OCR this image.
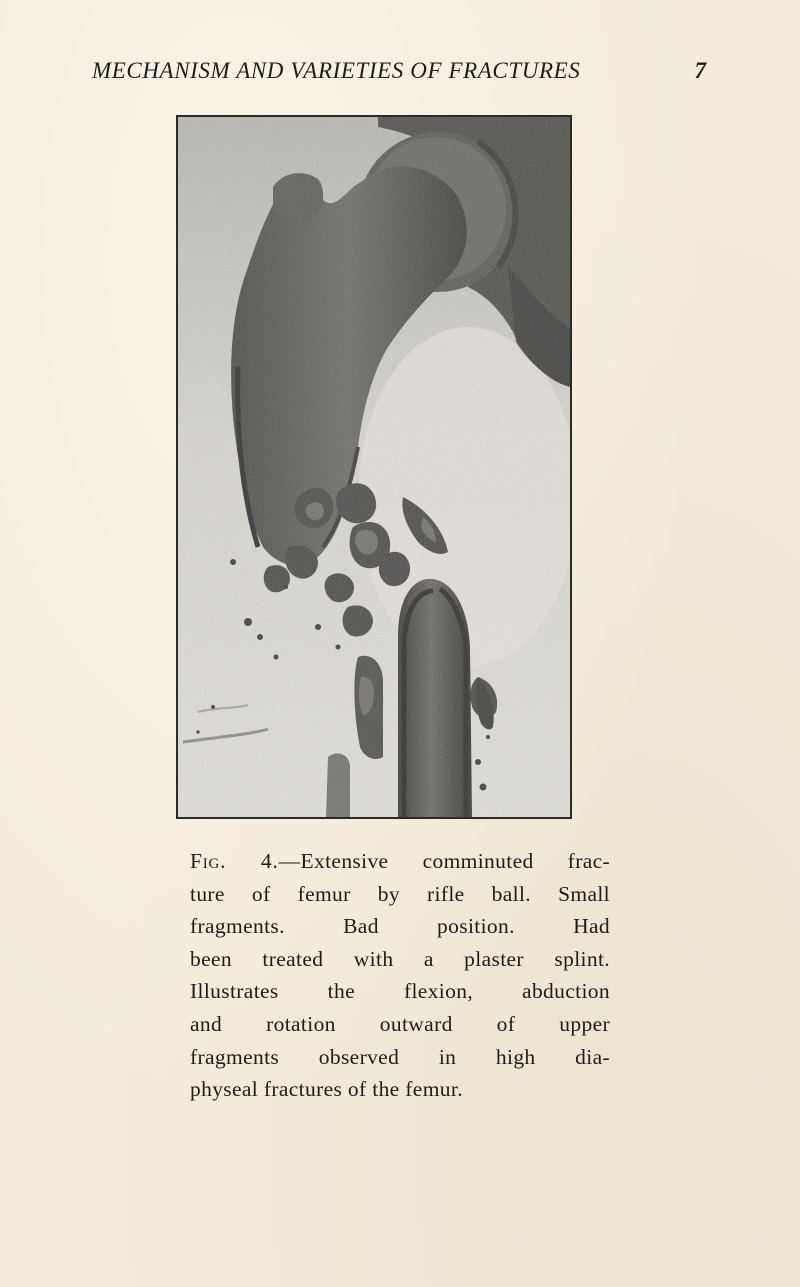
MECHANISM AND VARIETIES OF FRACTURES	7
Fig. 4.—Extensive comminuted frac-
ture of femur by rifle ball. Small
fragments. Bad position. Had
been treated with a plaster splint.
Illustrates the flexion, abduction
and rotation outward of upper
fragments observed in high dia-
physeal fractures of the femur.
